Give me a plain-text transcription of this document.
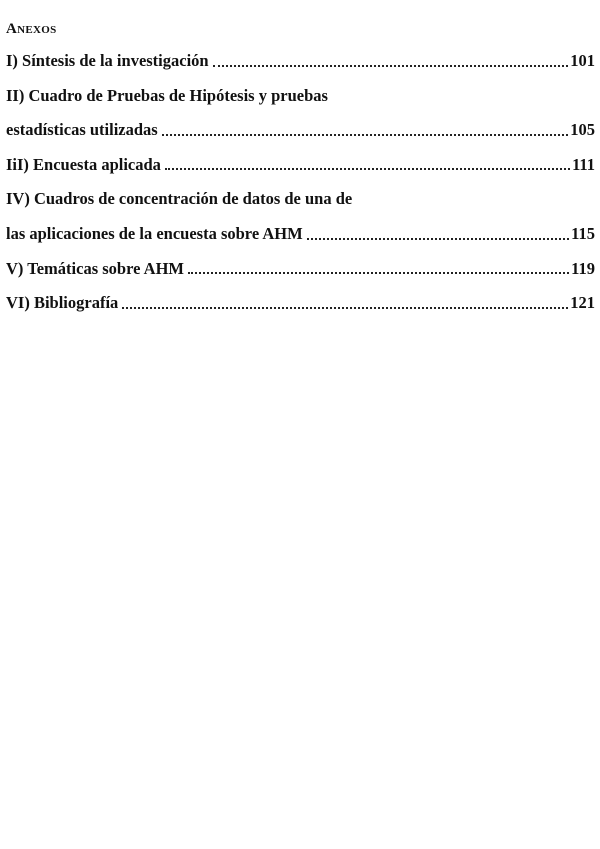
Anexos
I) Síntesis de la investigación	101
II) Cuadro de Pruebas de Hipótesis y pruebas
estadísticas utilizadas	105
IiI) Encuesta aplicada	111
IV) Cuadros de concentración de datos de una de
las aplicaciones de la encuesta sobre AHM	115
V) Temáticas sobre AHM	119
VI) Bibliografía	121
